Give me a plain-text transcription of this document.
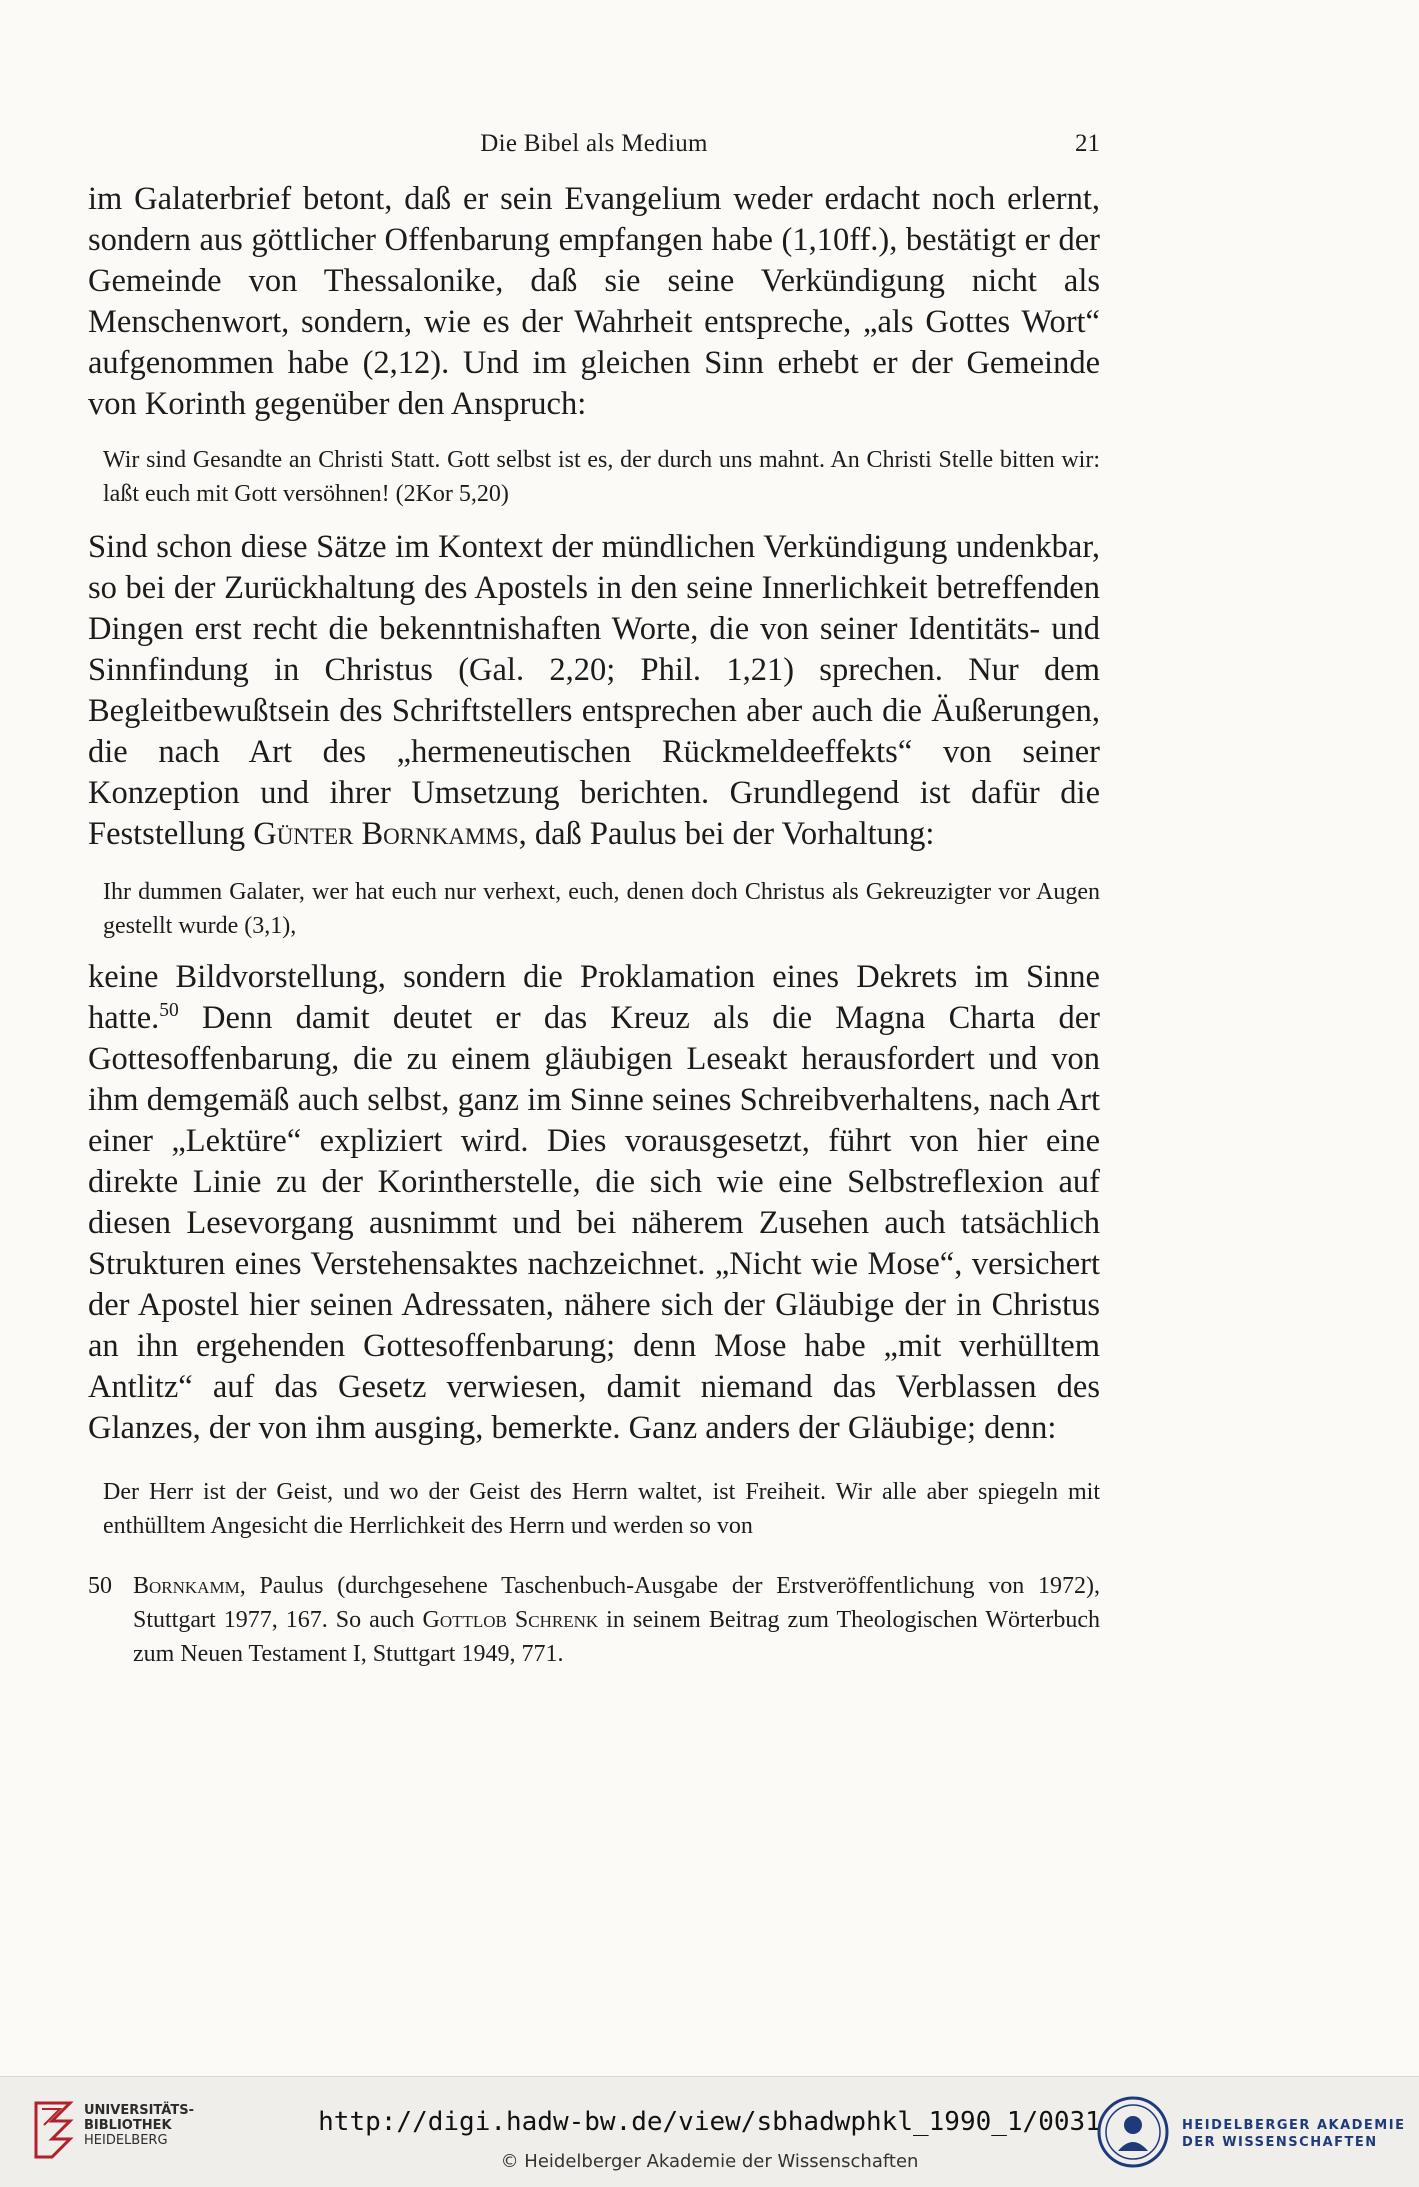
Die Bibel als Medium	21

im Galaterbrief betont, daß er sein Evangelium weder erdacht noch erlernt, sondern aus göttlicher Offenbarung empfangen habe (1,10ff.), bestätigt er der Gemeinde von Thessalonike, daß sie seine Verkündigung nicht als Menschenwort, sondern, wie es der Wahrheit entspreche, „als Gottes Wort“ aufgenommen habe (2,12). Und im gleichen Sinn erhebt er der Gemeinde von Korinth gegenüber den Anspruch:

Wir sind Gesandte an Christi Statt. Gott selbst ist es, der durch uns mahnt. An Christi Stelle bitten wir: laßt euch mit Gott versöhnen! (2Kor 5,20)

Sind schon diese Sätze im Kontext der mündlichen Verkündigung undenkbar, so bei der Zurückhaltung des Apostels in den seine Innerlichkeit betreffenden Dingen erst recht die bekenntnishaften Worte, die von seiner Identitäts- und Sinnfindung in Christus (Gal. 2,20; Phil. 1,21) sprechen. Nur dem Begleitbewußtsein des Schriftstellers entsprechen aber auch die Äußerungen, die nach Art des „hermeneutischen Rückmeldeeffekts“ von seiner Konzeption und ihrer Umsetzung berichten. Grundlegend ist dafür die Feststellung Günter Bornkamms, daß Paulus bei der Vorhaltung:

Ihr dummen Galater, wer hat euch nur verhext, euch, denen doch Christus als Gekreuzigter vor Augen gestellt wurde (3,1),

keine Bildvorstellung, sondern die Proklamation eines Dekrets im Sinne hatte.$^{50}$ Denn damit deutet er das Kreuz als die Magna Charta der Gottesoffenbarung, die zu einem gläubigen Leseakt herausfordert und von ihm demgemäß auch selbst, ganz im Sinne seines Schreibverhaltens, nach Art einer „Lektüre“ expliziert wird. Dies vorausgesetzt, führt von hier eine direkte Linie zu der Korintherstelle, die sich wie eine Selbstreflexion auf diesen Lesevorgang ausnimmt und bei näherem Zusehen auch tatsächlich Strukturen eines Verstehensaktes nachzeichnet. „Nicht wie Mose“, versichert der Apostel hier seinen Adressaten, nähere sich der Gläubige der in Christus an ihn ergehenden Gottesoffenbarung; denn Mose habe „mit verhülltem Antlitz“ auf das Gesetz verwiesen, damit niemand das Verblassen des Glanzes, der von ihm ausging, bemerkte. Ganz anders der Gläubige; denn:

Der Herr ist der Geist, und wo der Geist des Herrn waltet, ist Freiheit. Wir alle aber spiegeln mit enthülltem Angesicht die Herrlichkeit des Herrn und werden so von
50 Bornkamm, Paulus (durchgesehene Taschenbuch-Ausgabe der Erstveröffentlichung von 1972), Stuttgart 1977, 167. So auch Gottlob Schrenk in seinem Beitrag zum Theologischen Wörterbuch zum Neuen Testament I, Stuttgart 1949, 771.
UNIVERSITÄTS-
BIBLIOTHEK
HEIDELBERG
http://digi.hadw-bw.de/view/sbhadwphkl_1990_1/0031
© Heidelberger Akademie der Wissenschaften
HEIDELBERGER AKADEMIE
DER WISSENSCHAFTEN
